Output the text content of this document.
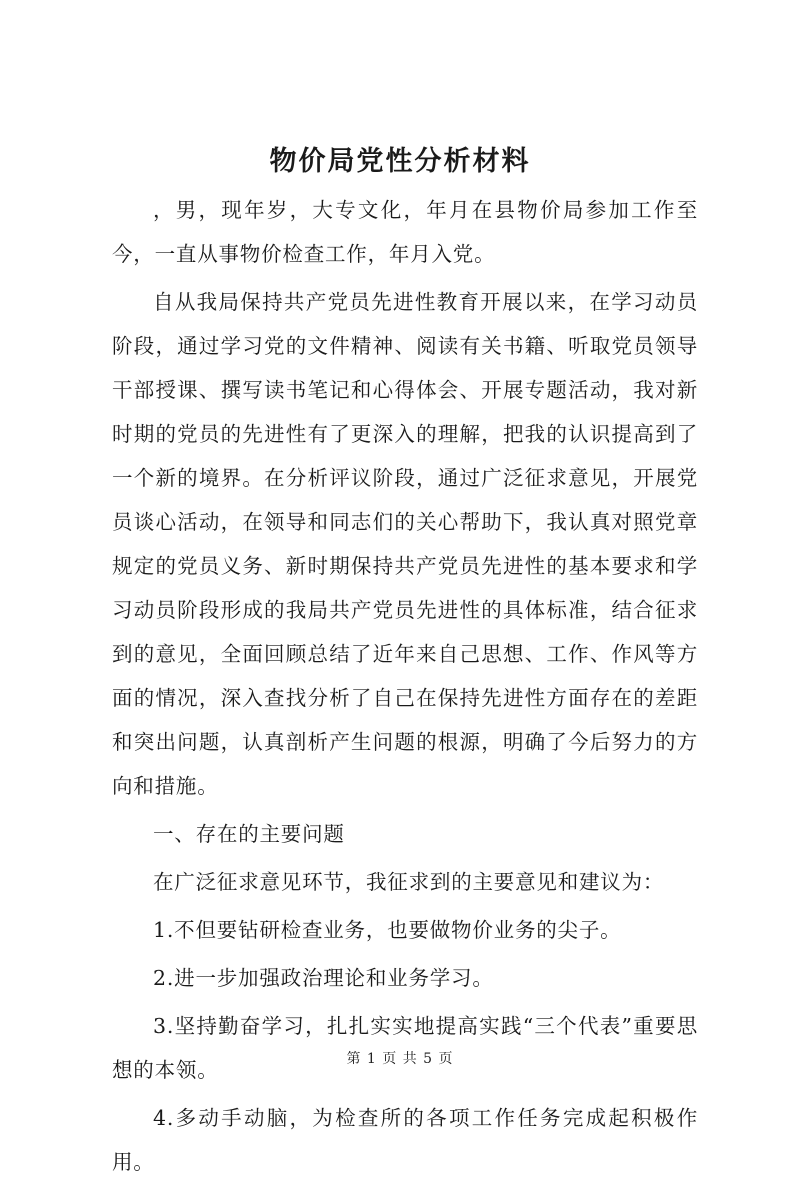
物价局党性分析材料

，男，现年岁，大专文化，年月在县物价局参加工作至今，一直从事物价检查工作，年月入党。

自从我局保持共产党员先进性教育开展以来，在学习动员阶段，通过学习党的文件精神、阅读有关书籍、听取党员领导干部授课、撰写读书笔记和心得体会、开展专题活动，我对新时期的党员的先进性有了更深入的理解，把我的认识提高到了一个新的境界。在分析评议阶段，通过广泛征求意见，开展党员谈心活动，在领导和同志们的关心帮助下，我认真对照党章规定的党员义务、新时期保持共产党员先进性的基本要求和学习动员阶段形成的我局共产党员先进性的具体标准，结合征求到的意见，全面回顾总结了近年来自己思想、工作、作风等方面的情况，深入查找分析了自己在保持先进性方面存在的差距和突出问题，认真剖析产生问题的根源，明确了今后努力的方向和措施。

一、存在的主要问题

在广泛征求意见环节，我征求到的主要意见和建议为：

1.不但要钻研检查业务，也要做物价业务的尖子。

2.进一步加强政治理论和业务学习。

3.坚持勤奋学习，扎扎实实地提高实践“三个代表”重要思想的本领。

4.多动手动脑，为检查所的各项工作任务完成起积极作用。

第 1 页 共 5 页
